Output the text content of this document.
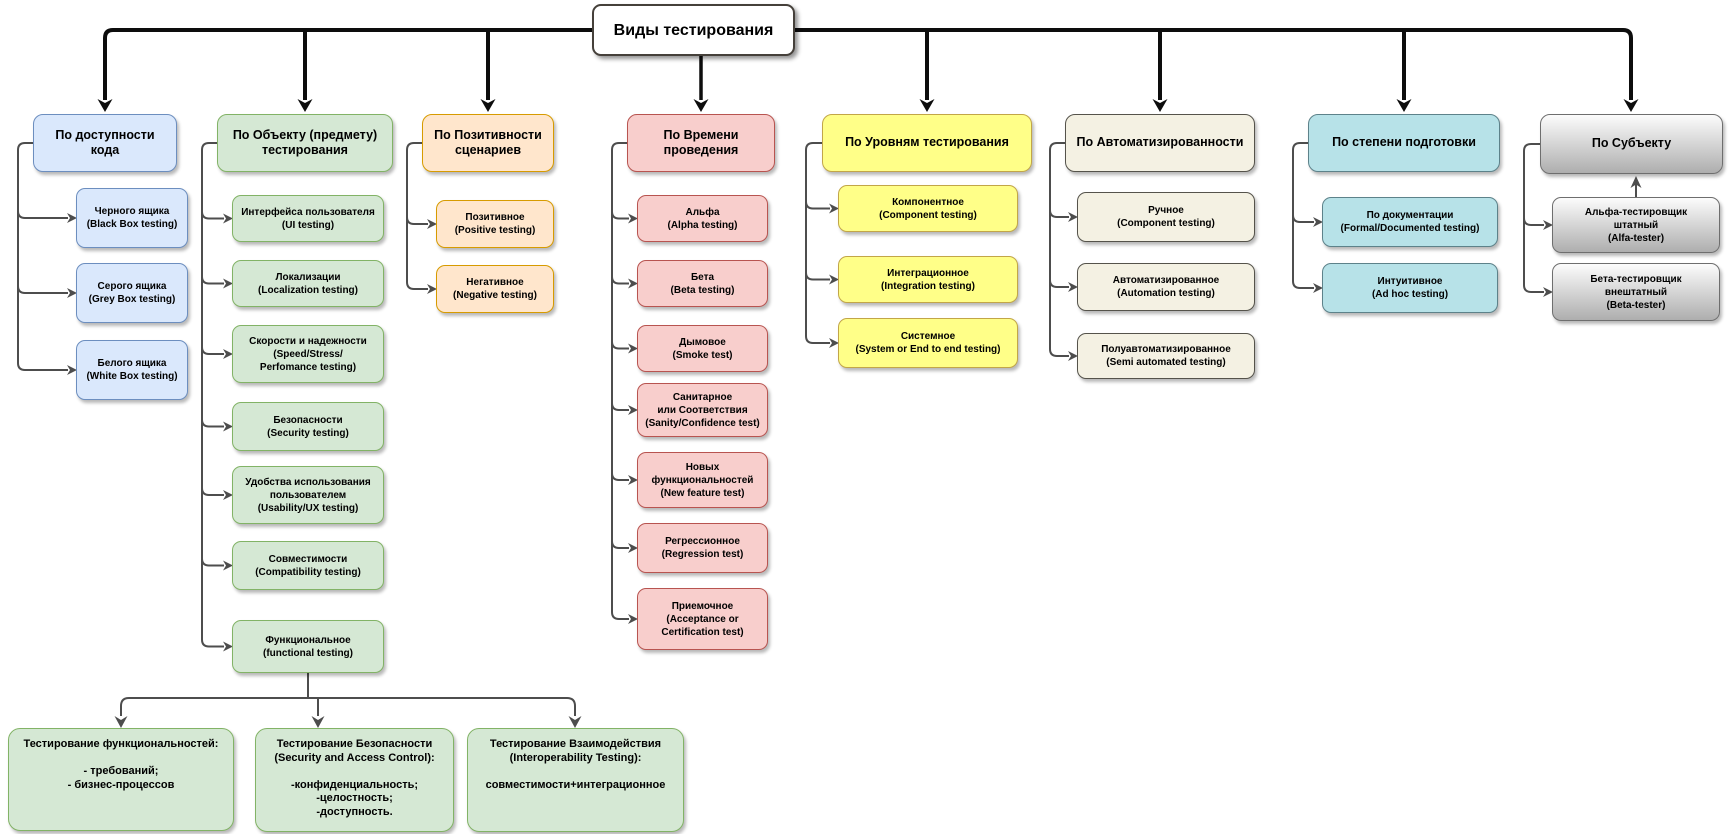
Виды тестирования
По доступности
кода
Черного ящика
(Black Box testing)
Серого ящика
(Grey Box testing)
Белого ящика
(White Box testing)
По Объекту (предмету)
тестирования
Интерфейса пользователя
(UI testing)
Локализации
(Localization testing)
Скорости и надежности
(Speed/Stress/
Perfomance testing)
Безопасности
(Security testing)
Удобства использования
пользователем
(Usability/UX testing)
Совместимости
(Compatibility testing)
Функциональное
(functional testing)
По Позитивности
сценариев
Позитивное
(Positive testing)
Негативное
(Negative testing)
По Времени
проведения
Альфа
(Alpha testing)
Бета
(Beta testing)
Дымовое
(Smoke test)
Санитарное
или Соответствия
(Sanity/Confidence test)
Новых
функциональностей
(New feature test)
Регрессионное
(Regression test)
Приемочное
(Acceptance or
Certification test)
По Уровням тестирования
Компонентное
(Component testing)
Интеграционное
(Integration testing)
Системное
(System or End to end testing)
По Автоматизированности
Ручное
(Component testing)
Автоматизированное
(Automation testing)
Полуавтоматизированное
(Semi automated testing)
По степени подготовки
По документации
(Formal/Documented testing)
Интуитивное
(Ad hoc testing)
По Субъекту
Альфа-тестировщик
штатный
(Alfa-tester)
Бета-тестировщик
внештатный
(Beta-tester)
Тестирование функциональностей:
- требований;
- бизнес-процессов
Тестирование Безопасности
(Security and Access Control):
-конфиденциальность;
-целостность;
-доступность.
Тестирование Взаимодействия
(Interoperability Testing):
совместимости+интеграционное
